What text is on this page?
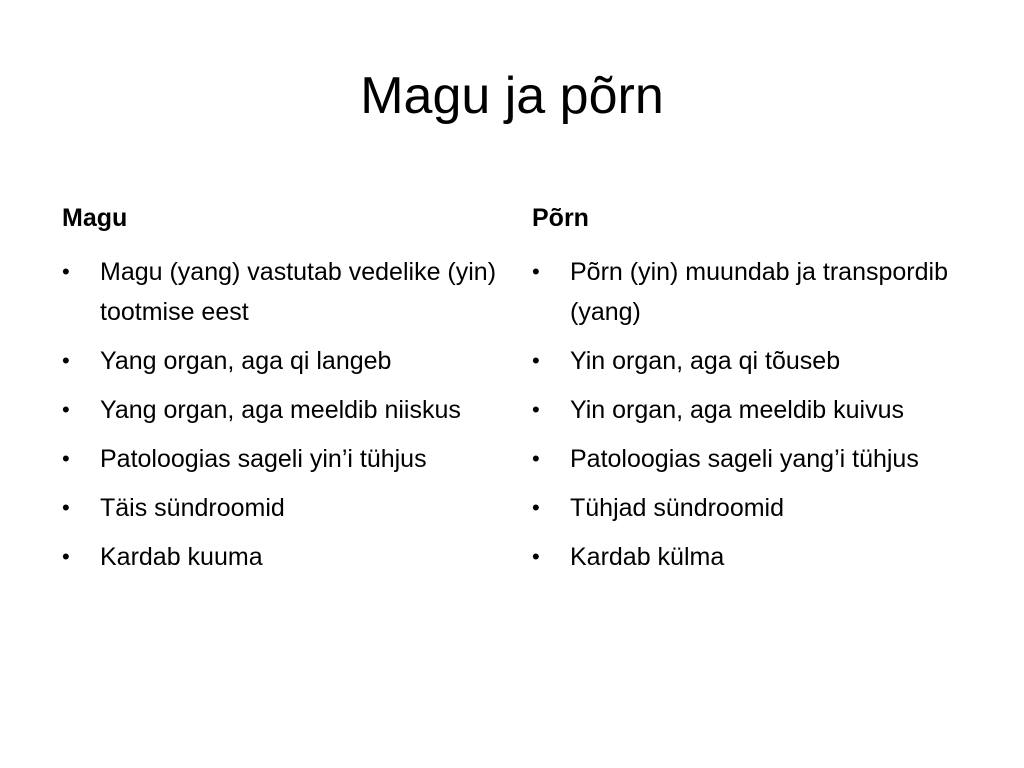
Magu ja põrn
Magu
•	Magu (yang) vastutab vedelike (yin) tootmise eest
•	Yang organ, aga qi langeb
•	Yang organ, aga meeldib niiskus
•	Patoloogias sageli yin’i tühjus
•	Täis sündroomid
•	Kardab kuuma
Põrn
•	Põrn (yin) muundab ja transpordib (yang)
•	Yin organ, aga qi tõuseb
•	Yin organ, aga meeldib kuivus
•	Patoloogias sageli yang’i tühjus
•	Tühjad sündroomid
•	Kardab külma
